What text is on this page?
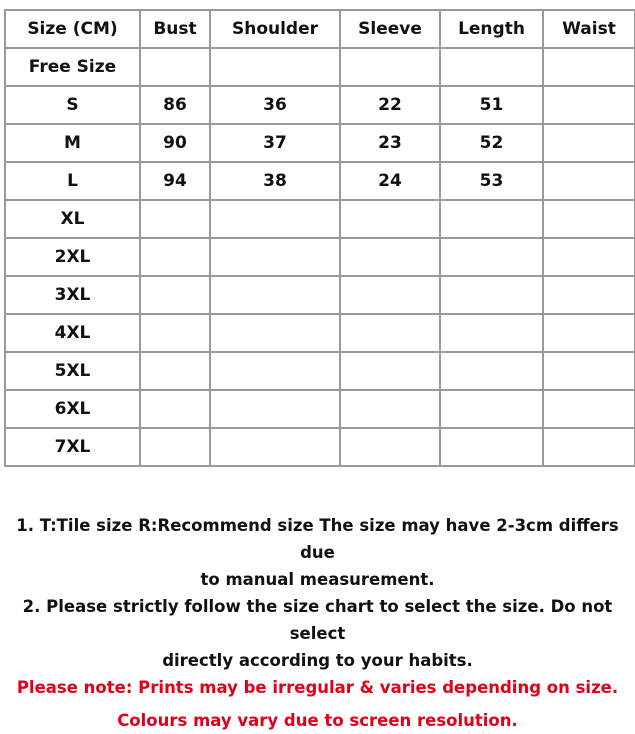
Size (CM)	Bust	Shoulder	Sleeve	Length	Waist
Free Size					
S	86	36	22	51	
M	90	37	23	52	
L	94	38	24	53	
XL					
2XL					
3XL					
4XL					
5XL					
6XL					
7XL					
1. T:Tile size R:Recommend size The size may have 2-3cm differs due
to manual measurement.
2. Please strictly follow the size chart to select the size. Do not select
directly according to your habits.
Please note: Prints may be irregular & varies depending on size.
Colours may vary due to screen resolution.
